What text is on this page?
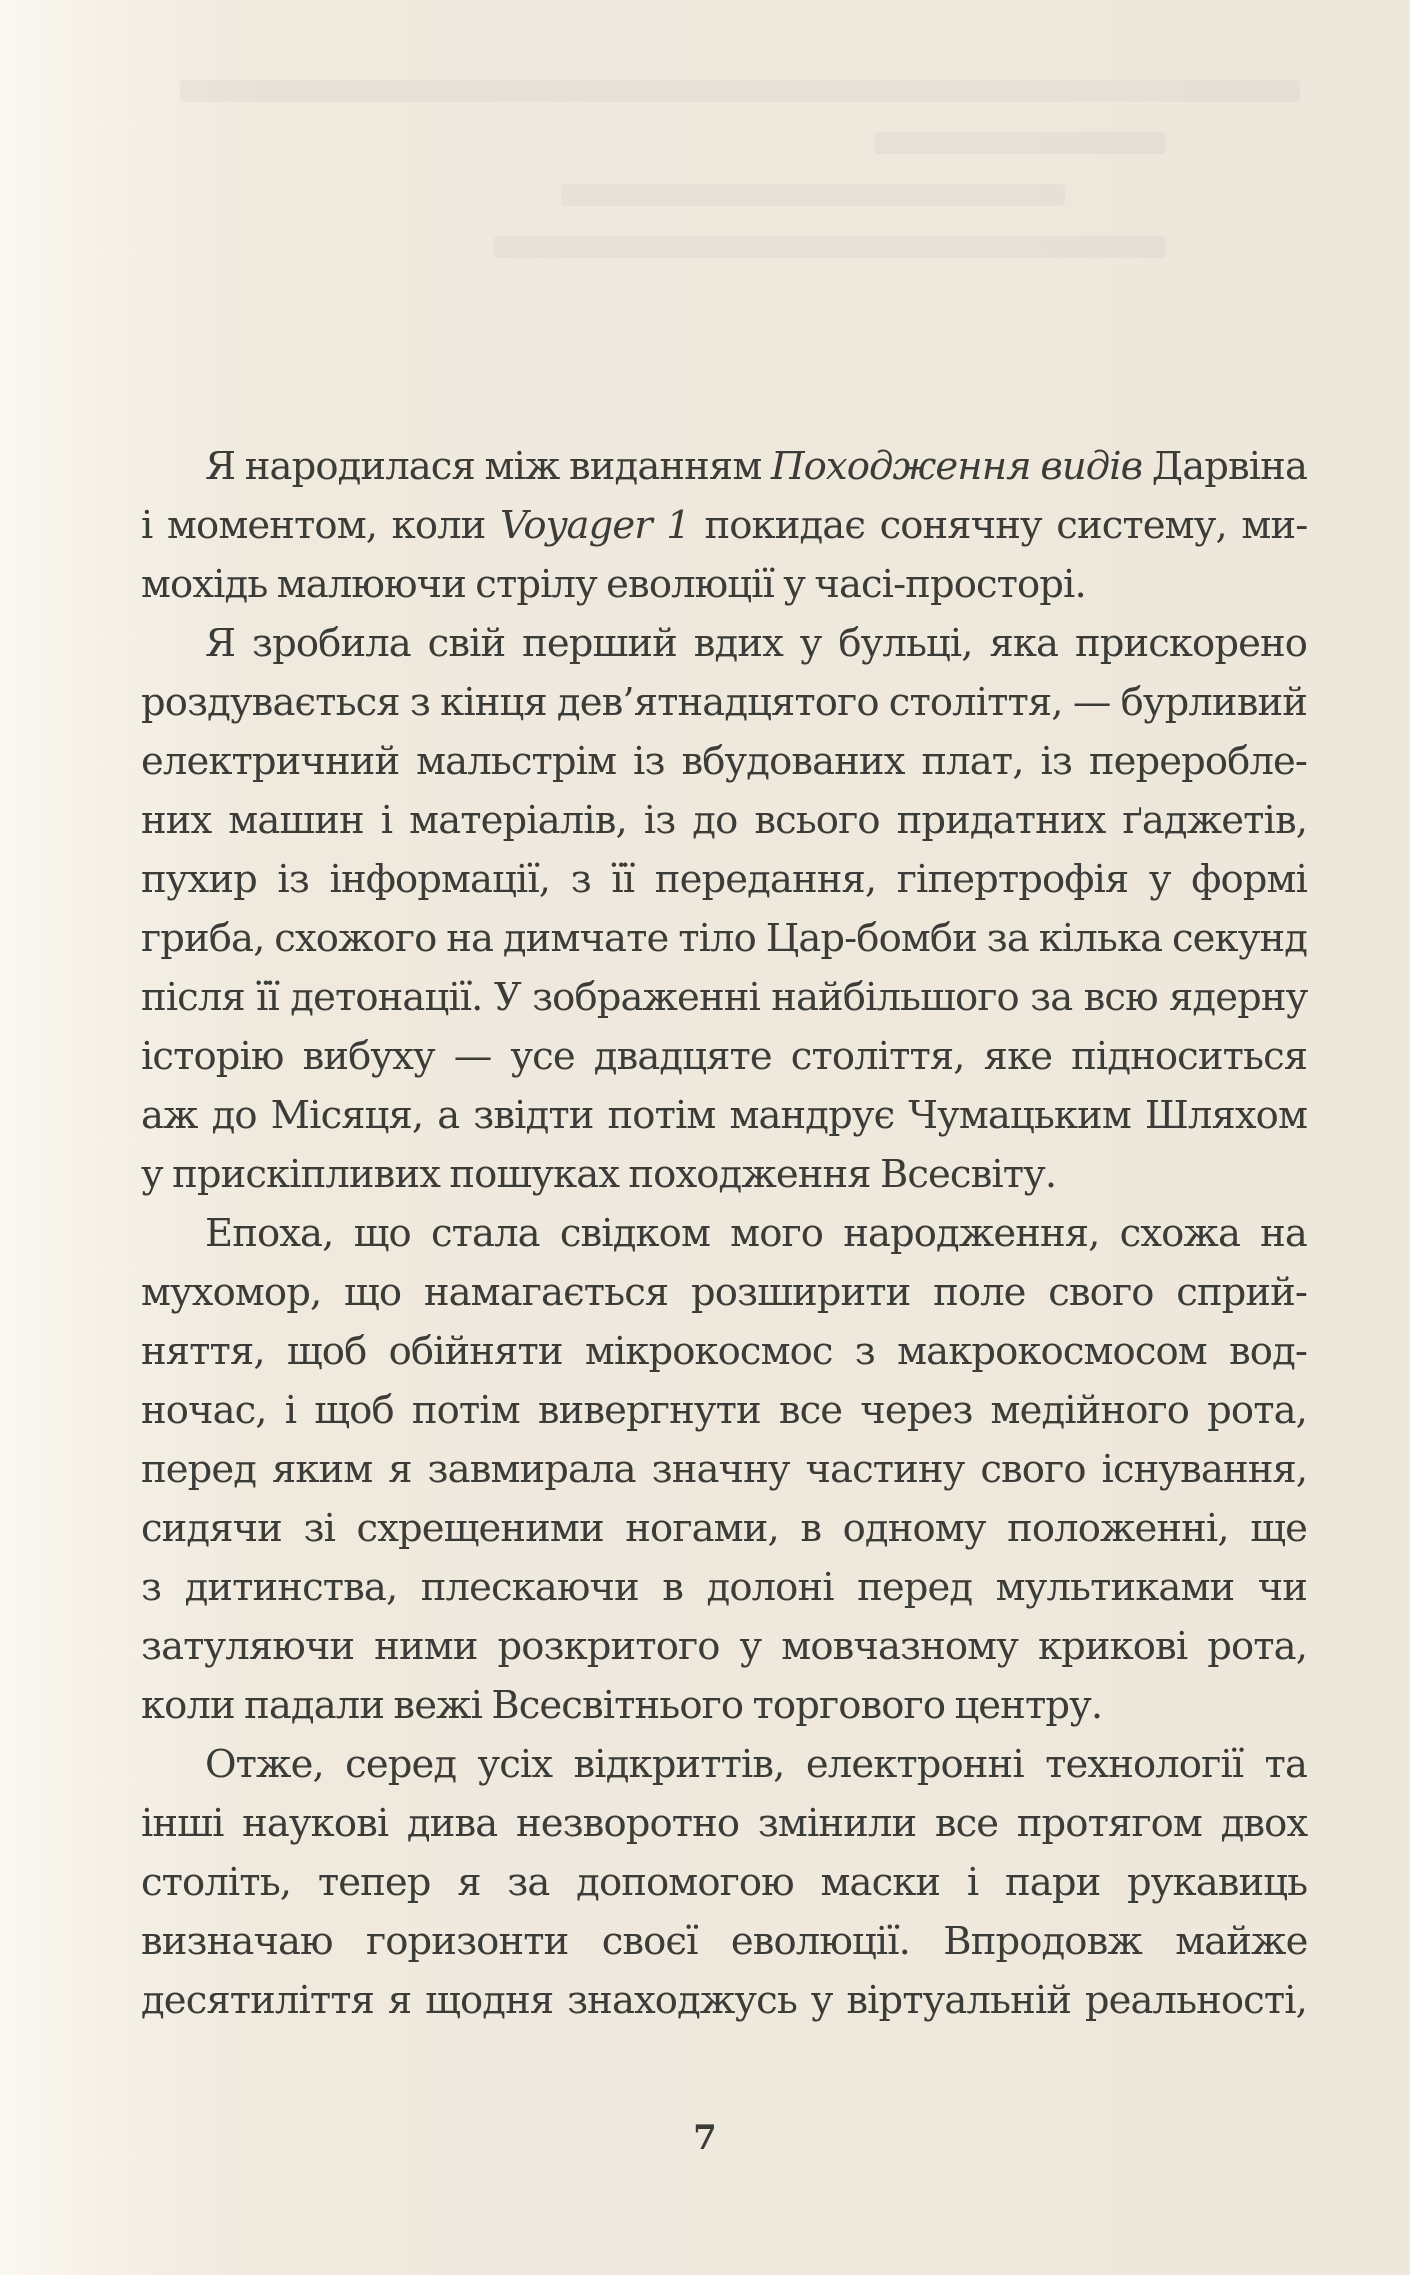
Я народилася між виданням Походження видів Дарвіна
і моментом, коли Voyager 1 покидає сонячну систему, ми-
мохідь малюючи стрілу еволюції у часі-просторі.

Я зробила свій перший вдих у бульці, яка прискорено
роздувається з кінця дев’ятнадцятого століття, — бурливий
електричний мальстрім із вбудованих плат, із переробле-
них машин і матеріалів, із до всього придатних ґаджетів,
пухир із інформації, з її передання, гіпертрофія у формі
гриба, схожого на димчате тіло Цар-бомби за кілька секунд
після її детонації. У зображенні найбільшого за всю ядерну
історію вибуху — усе двадцяте століття, яке підноситься
аж до Місяця, а звідти потім мандрує Чумацьким Шляхом
у прискіпливих пошуках походження Всесвіту.

Епоха, що стала свідком мого народження, схожа на
мухомор, що намагається розширити поле свого сприй-
няття, щоб обійняти мікрокосмос з макрокосмосом вод-
ночас, і щоб потім вивергнути все через медійного рота,
перед яким я завмирала значну частину свого існування,
сидячи зі схрещеними ногами, в одному положенні, ще
з дитинства, плескаючи в долоні перед мультиками чи
затуляючи ними розкритого у мовчазному крикові рота,
коли падали вежі Всесвітнього торгового центру.

Отже, серед усіх відкриттів, електронні технології та
інші наукові дива незворотно змінили все протягом двох
століть, тепер я за допомогою маски і пари рукавиць
визначаю горизонти своєї еволюції. Впродовж майже
десятиліття я щодня знаходжусь у віртуальній реальності,

7
